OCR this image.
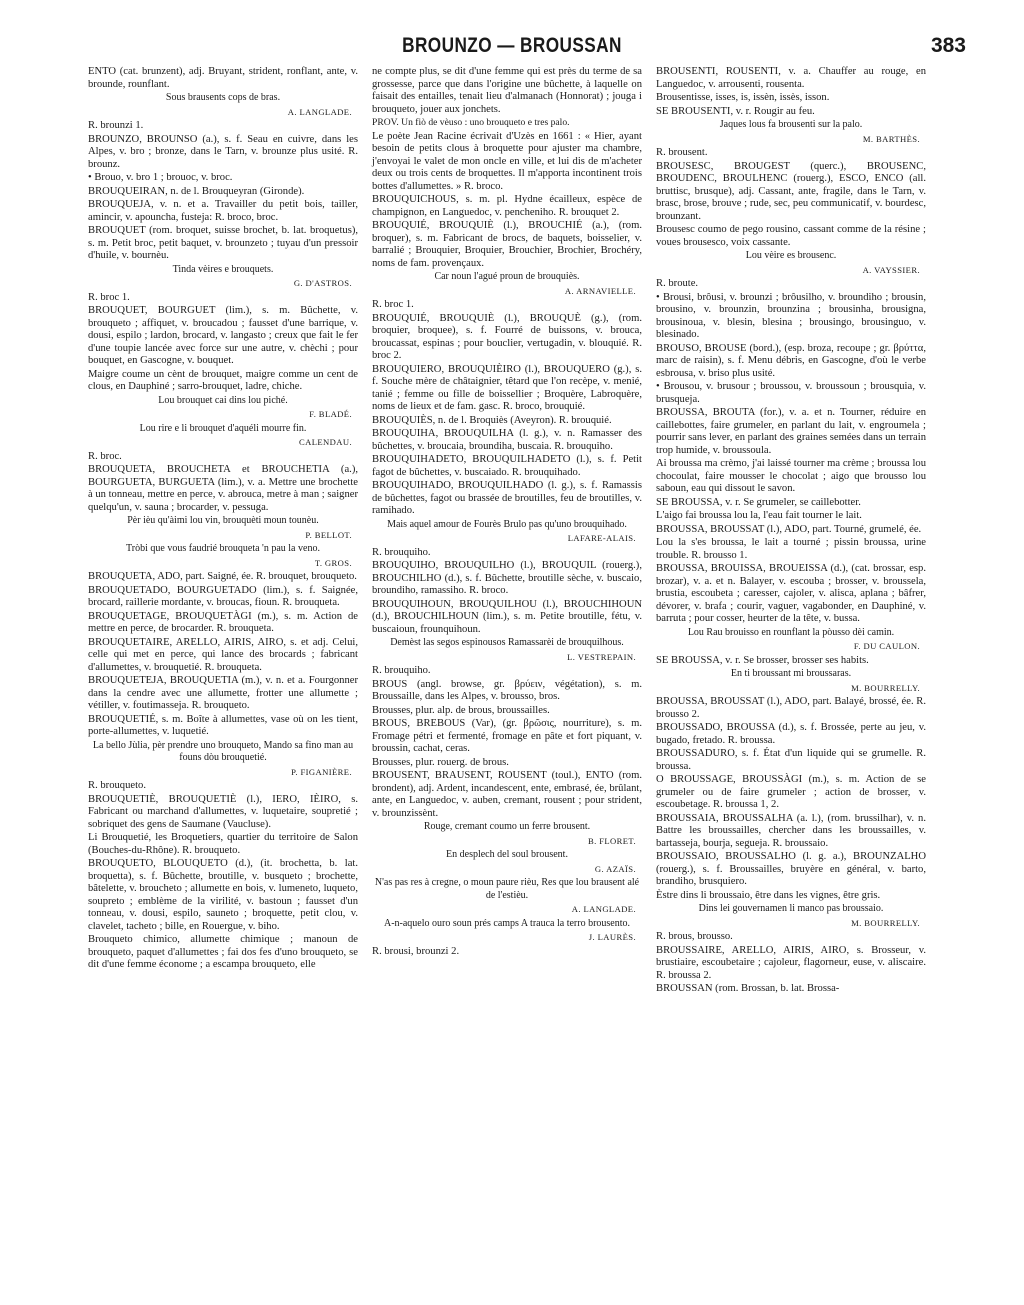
BROUNZO — BROUSSAN	383

ENTO (cat. brunzent), adj. Bruyant, strident, ronflant, ante, v. brounde, rounflant.

Sous brausents cops de bras.

A. LANGLADE.

R. brounzi 1.

BROUNZO, BROUNSO (a.), s. f. Seau en cuivre, dans les Alpes, v. bro ; bronze, dans le Tarn, v. brounze plus usité. R. brounz.

• Brouo, v. bro 1 ; brouoc, v. broc.

BROUQUEIRAN, n. de l. Brouqueyran (Gironde).

BROUQUEJA, v. n. et a. Travailler du petit bois, tailler, amincir, v. apouncha, fusteja: R. broco, broc.

BROUQUET (rom. broquet, suisse brochet, b. lat. broquetus), s. m. Petit broc, petit baquet, v. brounzeto ; tuyau d'un pressoir d'huile, v. bournèu.

Tinda vèires e brouquets.

G. D'ASTROS.

R. broc 1.

BROUQUET, BOURGUET (lim.), s. m. Bûchette, v. brouqueto ; affiquet, v. broucadou ; fausset d'une barrique, v. dousi, espilo ; lardon, brocard, v. langasto ; creux que fait le fer d'une toupie lancée avec force sur une autre, v. chèchi ; pour bouquet, en Gascogne, v. bouquet.

Maigre coume un cènt de brouquet, maigre comme un cent de clous, en Dauphiné ; sarro-brouquet, ladre, chiche.

Lou brouquet cai dins lou piché.

F. BLADÉ.

Lou rire e li brouquet d'aquéli mourre fin.

CALENDAU.

R. broc.

BROUQUETA, BROUCHETA et BROUCHETIA (a.), BOURGUETA, BURGUETA (lim.), v. a. Mettre une brochette à un tonneau, mettre en perce, v. abrouca, metre à man ; saigner quelqu'un, v. sauna ; brocarder, v. pessuga.

Pèr ièu qu'àimi lou vin, brouquèti moun tounèu.

P. BELLOT.

Tròbi que vous faudrié brouqueta 'n pau la veno.

T. GROS.

BROUQUETA, ADO, part. Saigné, ée. R. brouquet, brouqueto.

BROUQUETADO, BOURGUETADO (lim.), s. f. Saignée, brocard, raillerie mordante, v. broucas, fioun. R. brouqueta.

BROUQUETAGE, BROUQUETÀGI (m.), s. m. Action de mettre en perce, de brocarder. R. brouqueta.

BROUQUETAIRE, ARELLO, AIRIS, AIRO, s. et adj. Celui, celle qui met en perce, qui lance des brocards ; fabricant d'allumettes, v. brouquetié. R. brouqueta.

BROUQUETEJA, BROUQUETIA (m.), v. n. et a. Fourgonner dans la cendre avec une allumette, frotter une allumette ; vétiller, v. foutimasseja. R. brouqueto.

BROUQUETIÉ, s. m. Boîte à allumettes, vase où on les tient, porte-allumettes, v. luquetié.

La bello Jùlia, pèr prendre uno brouqueto, Mando sa fino man au founs dòu brouquetié.

P. FIGANIÈRE.

R. brouqueto.

BROUQUETIÈ, BROUQUETIÈ (l.), IERO, IÈIRO, s. Fabricant ou marchand d'allumettes, v. luquetaire, soupretié ; sobriquet des gens de Saumane (Vaucluse).

Li Brouquetié, les Broquetiers, quartier du territoire de Salon (Bouches-du-Rhône). R. brouqueto.

BROUQUETO, BLOUQUETO (d.), (it. brochetta, b. lat. broquetta), s. f. Bûchette, broutille, v. busqueto ; brochette, bâtelette, v. broucheto ; allumette en bois, v. lumeneto, luqueto, soupreto ; emblème de la virilité, v. bastoun ; fausset d'un tonneau, v. dousi, espilo, sauneto ; broquette, petit clou, v. clavelet, tacheto ; bille, en Rouergue, v. biho.

Brouqueto chimico, allumette chimique ; manoun de brouqueto, paquet d'allumettes ; fai dos fes d'uno brouqueto, se dit d'une femme économe ; a escampa brouqueto, elle

ne compte plus, se dit d'une femme qui est près du terme de sa grossesse, parce que dans l'origine une bûchette, à laquelle on faisait des entailles, tenait lieu d'almanach (Honnorat) ; jouga i brouqueto, jouer aux jonchets.

PROV. Un fiò de vèuso : uno brouqueto e tres palo.

Le poète Jean Racine écrivait d'Uzès en 1661 : « Hier, ayant besoin de petits clous à broquette pour ajuster ma chambre, j'envoyai le valet de mon oncle en ville, et lui dis de m'acheter deux ou trois cents de broquettes. Il m'apporta incontinent trois bottes d'allumettes. » R. broco.

BROUQUICHOUS, s. m. pl. Hydne écailleux, espèce de champignon, en Languedoc, v. pencheniho. R. brouquet 2.

BROUQUIÉ, BROUQUIÈ (l.), BROUCHIÉ (a.), (rom. broquer), s. m. Fabricant de brocs, de baquets, boisselier, v. barralié ; Brouquier, Broquier, Brouchier, Brochier, Brochéry, noms de fam. provençaux.

Car noun l'agué proun de brouquiès.

A. ARNAVIELLE.

R. broc 1.

BROUQUIÉ, BROUQUIÈ (l.), BROUQUÈ (g.), (rom. broquier, broquee), s. f. Fourré de buissons, v. brouca, broucassat, espinas ; pour bouclier, vertugadin, v. blouquié. R. broc 2.

BROUQUIERO, BROUQUIÈIRO (l.), BROUQUERO (g.), s. f. Souche mère de châtaignier, têtard que l'on recèpe, v. menié, tanié ; femme ou fille de boissellier ; Broquère, Labroquère, noms de lieux et de fam. gasc. R. broco, brouquié.

BROUQUIÈS, n. de l. Broquiès (Aveyron). R. brouquié.

BROUQUIHA, BROUQUILHA (l. g.), v. n. Ramasser des bûchettes, v. broucaia, broundiha, buscaia. R. brouquiho.

BROUQUIHADETO, BROUQUILHADETO (l.), s. f. Petit fagot de bûchettes, v. buscaiado. R. brouquihado.

BROUQUIHADO, BROUQUILHADO (l. g.), s. f. Ramassis de bûchettes, fagot ou brassée de broutilles, feu de broutilles, v. ramihado.

Mais aquel amour de Fourès Brulo pas qu'uno brouquihado.

LAFARE-ALAIS.

R. brouquiho.

BROUQUIHO, BROUQUILHO (l.), BROUQUIL (rouerg.), BROUCHILHO (d.), s. f. Bûchette, broutille sèche, v. buscaio, broundiho, ramassiho. R. broco.

BROUQUIHOUN, BROUQUILHOU (l.), BROUCHIHOUN (d.), BROUCHILHOUN (lim.), s. m. Petite broutille, fétu, v. buscaioun, frounquihoun.

Demèst las segos espinousos Ramassarèi de brouquilhous.

L. VESTREPAIN.

R. brouquiho.

BROUS (angl. browse, gr. βρύειν, végétation), s. m. Broussaille, dans les Alpes, v. brousso, bros.

Brousses, plur. alp. de brous, broussailles.

BROUS, BREBOUS (Var), (gr. βρῶσις, nourriture), s. m. Fromage pétri et fermenté, fromage en pâte et fort piquant, v. broussin, cachat, ceras.

Brousses, plur. rouerg. de brous.

BROUSENT, BRAUSENT, ROUSENT (toul.), ENTO (rom. brondent), adj. Ardent, incandescent, ente, embrasé, ée, brûlant, ante, en Languedoc, v. auben, cremant, rousent ; pour strident, v. brounzissènt.

Rouge, cremant coumo un ferre brousent.

B. FLORET.

En desplech del soul brousent.

G. AZAÏS.

N'as pas res à cregne, o moun paure rièu, Res que lou brausent alé de l'estièu.

A. LANGLADE.

A-n-aquelo ouro soun prés camps A trauca la terro brousento.

J. LAURÈS.

R. brousi, brounzi 2.

BROUSENTI, ROUSENTI, v. a. Chauffer au rouge, en Languedoc, v. arrousenti, rousenta.

Brousentisse, isses, is, issèn, issès, isson.

SE BROUSENTI, v. r. Rougir au feu.

Jaques lous fa brousenti sur la palo.

M. BARTHÈS.

R. brousent.

BROUSESC, BROUGEST (querc.), BROUSENC, BROUDENC, BROULHENC (rouerg.), ESCO, ENCO (all. bruttisc, brusque), adj. Cassant, ante, fragile, dans le Tarn, v. brasc, brose, brouve ; rude, sec, peu communicatif, v. bourdesc, brounzant.

Brousesc coumo de pego rousino, cassant comme de la résine ; voues brousesco, voix cassante.

Lou vèire es brousenc.

A. VAYSSIER.

R. broute.

• Brousi, brôusi, v. brounzi ; brôusilho, v. broundiho ; brousin, brousino, v. brounzin, brounzina ; brousinha, brousigna, brousinoua, v. blesin, blesina ; brousingo, brousinguo, v. blesinado.

BROUSO, BROUSE (bord.), (esp. broza, recoupe ; gr. βρύττα, marc de raisin), s. f. Menu débris, en Gascogne, d'où le verbe esbrousa, v. briso plus usité.

• Brousou, v. brusour ; broussou, v. broussoun ; brousquia, v. brusqueja.

BROUSSA, BROUTA (for.), v. a. et n. Tourner, réduire en caillebottes, faire grumeler, en parlant du lait, v. engroumela ; pourrir sans lever, en parlant des graines semées dans un terrain trop humide, v. broussoula.

Ai broussa ma crèmo, j'ai laissé tourner ma crème ; broussa lou chocoulat, faire mousser le chocolat ; aigo que brousso lou saboun, eau qui dissout le savon.

SE BROUSSA, v. r. Se grumeler, se caillebotter.

L'aigo fai broussa lou la, l'eau fait tourner le lait.

BROUSSA, BROUSSAT (l.), ADO, part. Tourné, grumelé, ée.

Lou la s'es broussa, le lait a tourné ; pissin broussa, urine trouble. R. brousso 1.

BROUSSA, BROUISSA, BROUEISSA (d.), (cat. brossar, esp. brozar), v. a. et n. Balayer, v. escouba ; brosser, v. broussela, brustia, escoubeta ; caresser, cajoler, v. alisca, aplana ; bâfrer, dévorer, v. brafa ; courir, vaguer, vagabonder, en Dauphiné, v. barruta ; pour cosser, heurter de la tête, v. bussa.

Lou Rau brouisso en rounflant la pòusso dèi camin.

F. DU CAULON.

SE BROUSSA, v. r. Se brosser, brosser ses habits.

En ti broussant mi broussaras.

M. BOURRELLY.

BROUSSA, BROUSSAT (l.), ADO, part. Balayé, brossé, ée. R. brousso 2.

BROUSSADO, BROUSSA (d.), s. f. Brossée, perte au jeu, v. bugado, fretado. R. broussa.

BROUSSADURO, s. f. État d'un liquide qui se grumelle. R. broussa.

O BROUSSAGE, BROUSSÀGI (m.), s. m. Action de se grumeler ou de faire grumeler ; action de brosser, v. escoubetage. R. broussa 1, 2.

BROUSSAIA, BROUSSALHA (a. l.), (rom. brussilhar), v. n. Battre les broussailles, chercher dans les broussailles, v. bartasseja, bourja, segueja. R. broussaio.

BROUSSAIO, BROUSSALHO (l. g. a.), BROUNZALHO (rouerg.), s. f. Broussailles, bruyère en général, v. barto, brandiho, brusquiero.

Èstre dins li broussaio, être dans les vignes, être gris.

Dins lei gouvernamen li manco pas broussaio.

M. BOURRELLY.

R. brous, brousso.

BROUSSAIRE, ARELLO, AIRIS, AIRO, s. Brosseur, v. brustiaire, escoubetaire ; cajoleur, flagorneur, euse, v. aliscaire. R. broussa 2.

BROUSSAN (rom. Brossan, b. lat. Brossa-
